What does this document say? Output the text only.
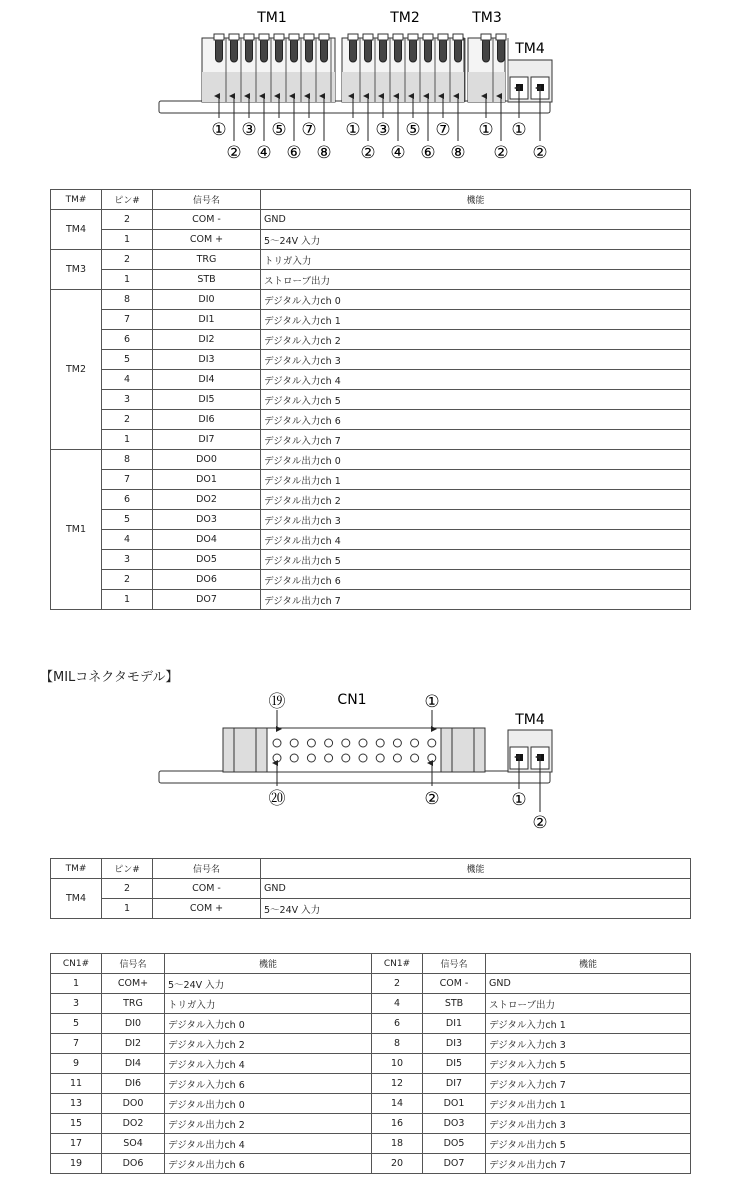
TM1	TM2	TM3
TM4
①
②
③
④
⑤
⑥
⑦
⑧
①
②
③
④
⑤
⑥
⑦
⑧
①
②
①
②
TM#	ピン#	信号名	機能
TM4	2	COM -	GND
	1	COM +	5～24V 入力
TM3	2	TRG	トリガ入力
	1	STB	ストローブ出力
TM2	8	DI0	デジタル入力ch 0
	7	DI1	デジタル入力ch 1
	6	DI2	デジタル入力ch 2
	5	DI3	デジタル入力ch 3
	4	DI4	デジタル入力ch 4
	3	DI5	デジタル入力ch 5
	2	DI6	デジタル入力ch 6
	1	DI7	デジタル入力ch 7
TM1	8	DO0	デジタル出力ch 0
	7	DO1	デジタル出力ch 1
	6	DO2	デジタル出力ch 2
	5	DO3	デジタル出力ch 3
	4	DO4	デジタル出力ch 4
	3	DO5	デジタル出力ch 5
	2	DO6	デジタル出力ch 6
	1	DO7	デジタル出力ch 7
【MILコネクタモデル】
CN1
TM4
⑲	①
⑳	②	①
②
TM#	ピン#	信号名	機能
TM4	2	COM -	GND
	1	COM +	5～24V 入力
CN1#	信号名	機能	CN1#	信号名	機能
1	COM+	5～24V 入力	2	COM -	GND
3	TRG	トリガ入力	4	STB	ストローブ出力
5	DI0	デジタル入力ch 0	6	DI1	デジタル入力ch 1
7	DI2	デジタル入力ch 2	8	DI3	デジタル入力ch 3
9	DI4	デジタル入力ch 4	10	DI5	デジタル入力ch 5
11	DI6	デジタル入力ch 6	12	DI7	デジタル入力ch 7
13	DO0	デジタル出力ch 0	14	DO1	デジタル出力ch 1
15	DO2	デジタル出力ch 2	16	DO3	デジタル出力ch 3
17	SO4	デジタル出力ch 4	18	DO5	デジタル出力ch 5
19	DO6	デジタル出力ch 6	20	DO7	デジタル出力ch 7
